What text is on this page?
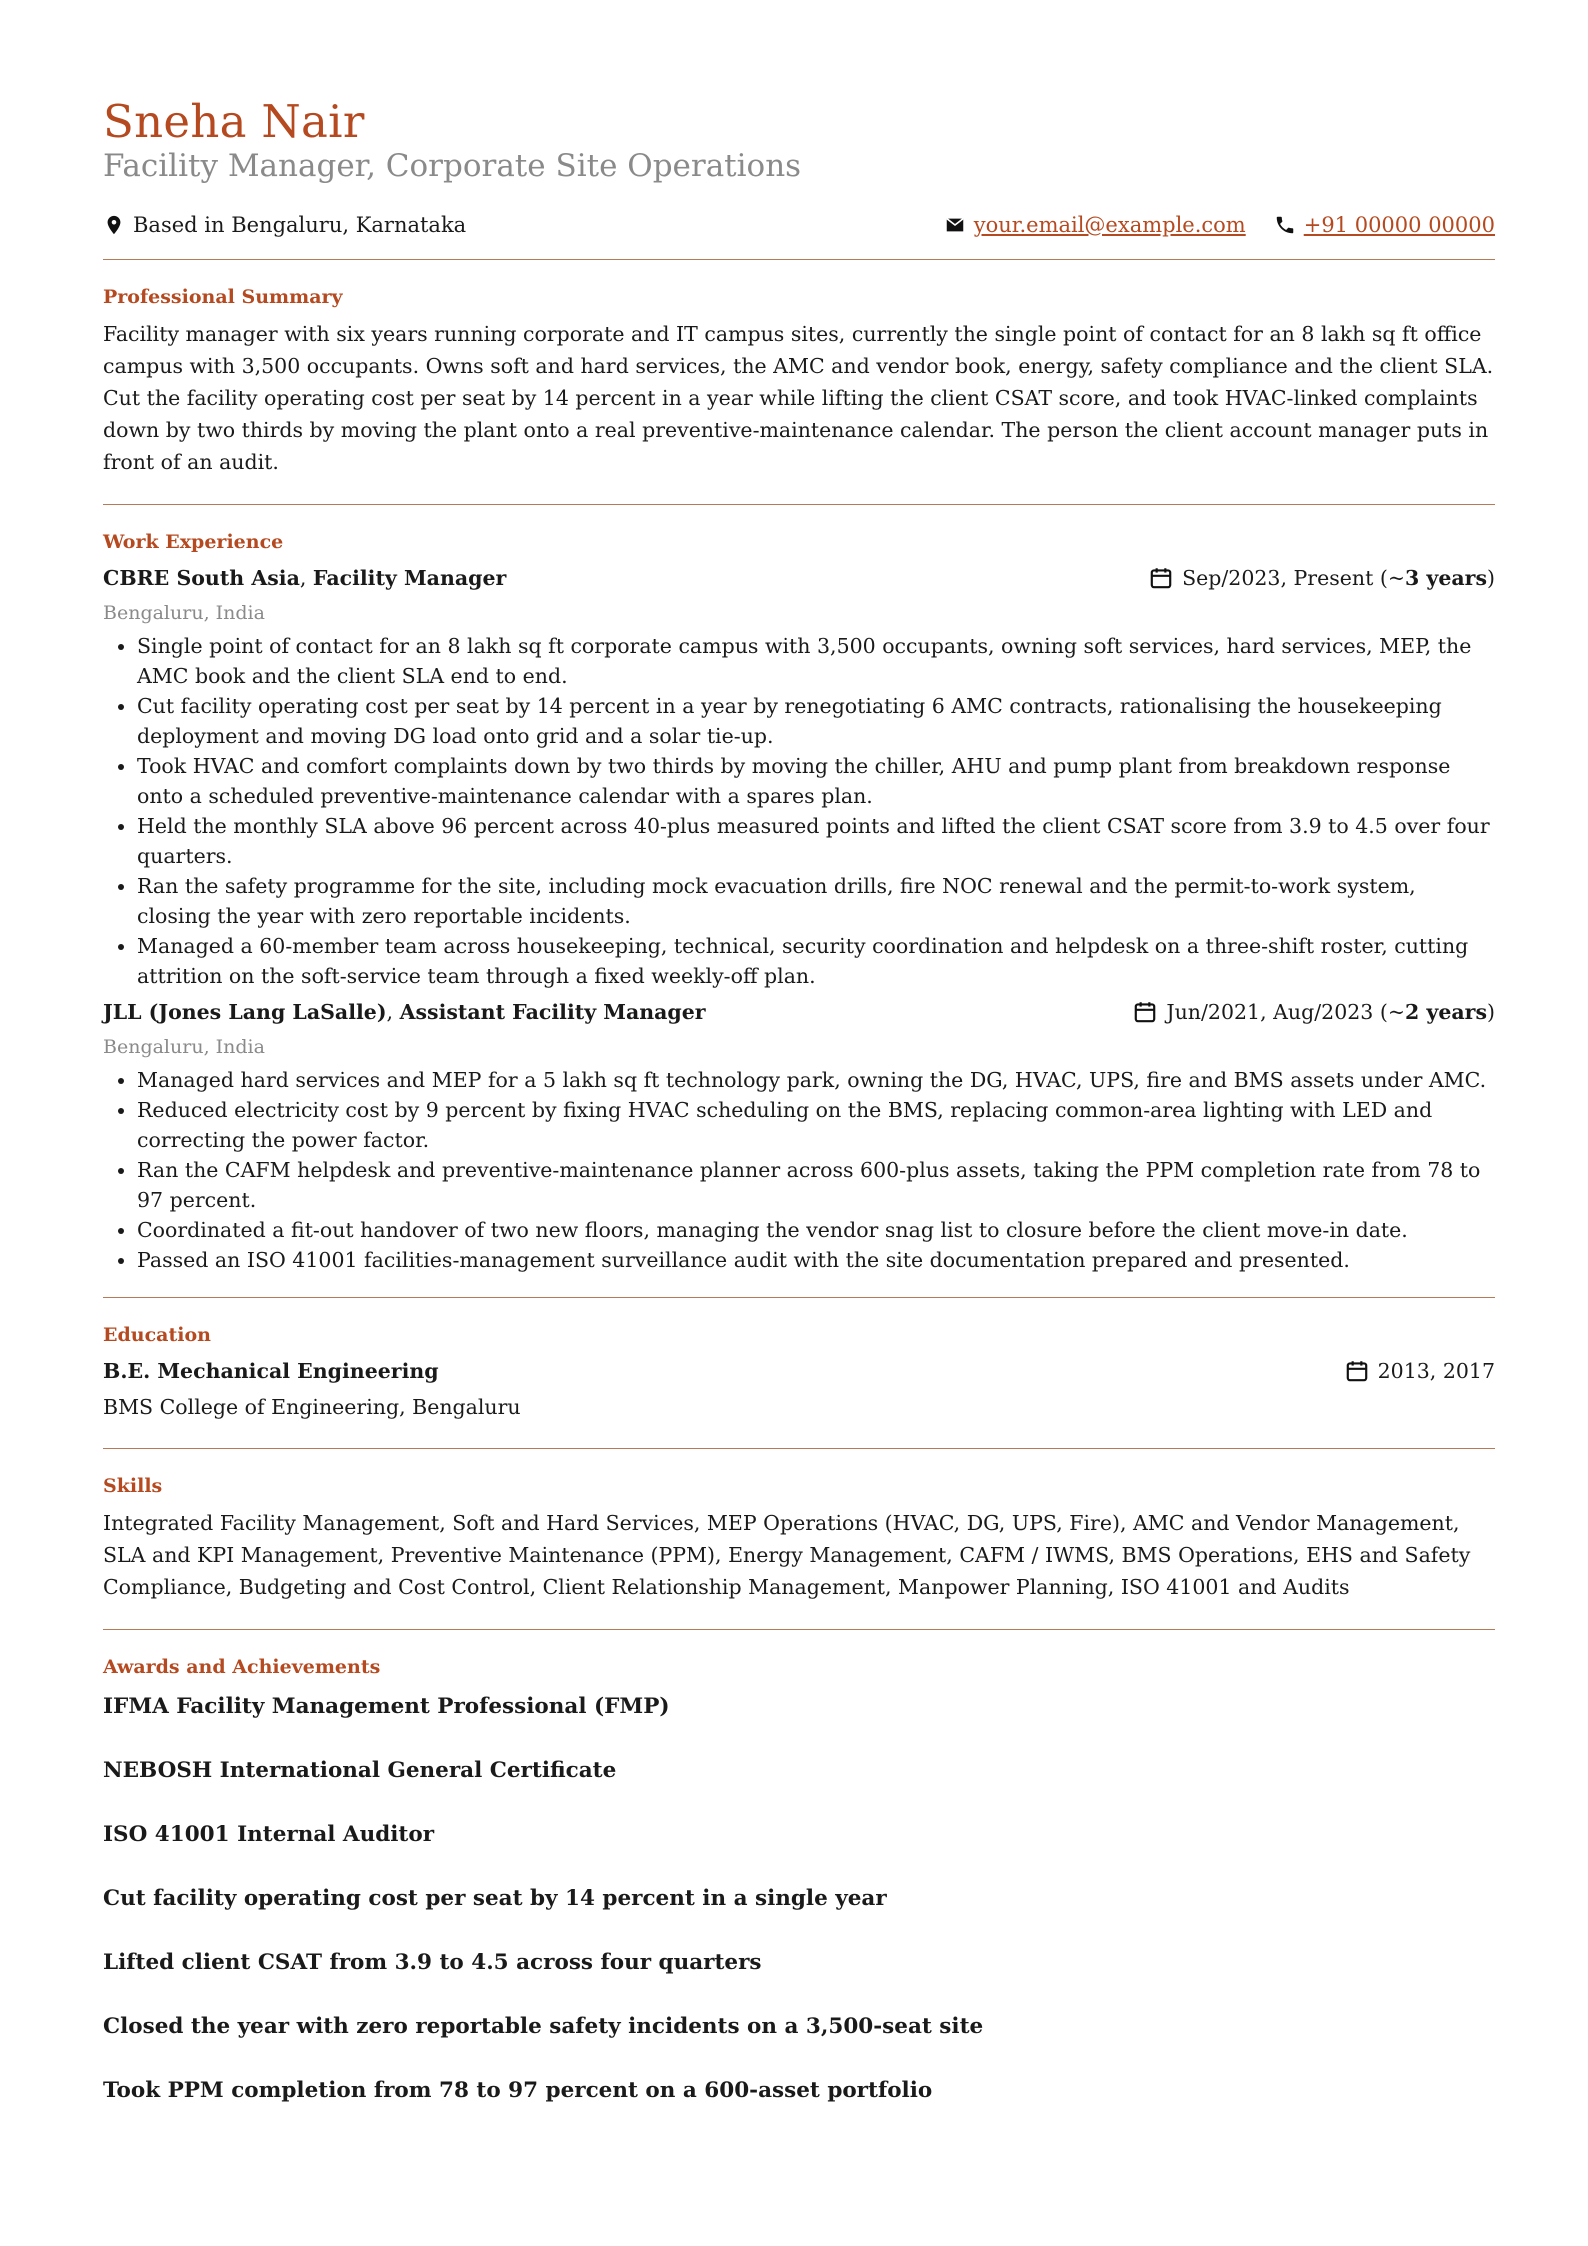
Sneha Nair
Facility Manager, Corporate Site Operations
Based in Bengaluru, Karnataka	your.email@example.com	+91 00000 00000
Professional Summary

Facility manager with six years running corporate and IT campus sites, currently the single point of contact for an 8 lakh sq ft office campus with 3,500 occupants. Owns soft and hard services, the AMC and vendor book, energy, safety compliance and the client SLA. Cut the facility operating cost per seat by 14 percent in a year while lifting the client CSAT score, and took HVAC-linked complaints down by two thirds by moving the plant onto a real preventive-maintenance calendar. The person the client account manager puts in front of an audit.

Work Experience
CBRE South Asia, Facility Manager	Sep/2023, Present (~ 3 years )
Bengaluru, India
• Single point of contact for an 8 lakh sq ft corporate campus with 3,500 occupants, owning soft services, hard services, MEP, the AMC book and the client SLA end to end.
• Cut facility operating cost per seat by 14 percent in a year by renegotiating 6 AMC contracts, rationalising the housekeeping deployment and moving DG load onto grid and a solar tie-up.
• Took HVAC and comfort complaints down by two thirds by moving the chiller, AHU and pump plant from breakdown response onto a scheduled preventive-maintenance calendar with a spares plan.
• Held the monthly SLA above 96 percent across 40-plus measured points and lifted the client CSAT score from 3.9 to 4.5 over four quarters.
• Ran the safety programme for the site, including mock evacuation drills, fire NOC renewal and the permit-to-work system, closing the year with zero reportable incidents.
• Managed a 60-member team across housekeeping, technical, security coordination and helpdesk on a three-shift roster, cutting attrition on the soft-service team through a fixed weekly-off plan.
JLL (Jones Lang LaSalle), Assistant Facility Manager	Jun/2021, Aug/2023 (~ 2 years )
Bengaluru, India
• Managed hard services and MEP for a 5 lakh sq ft technology park, owning the DG, HVAC, UPS, fire and BMS assets under AMC.
• Reduced electricity cost by 9 percent by fixing HVAC scheduling on the BMS, replacing common-area lighting with LED and correcting the power factor.
• Ran the CAFM helpdesk and preventive-maintenance planner across 600-plus assets, taking the PPM completion rate from 78 to 97 percent.
• Coordinated a fit-out handover of two new floors, managing the vendor snag list to closure before the client move-in date.
• Passed an ISO 41001 facilities-management surveillance audit with the site documentation prepared and presented.
Education
B.E. Mechanical Engineering	2013, 2017
BMS College of Engineering, Bengaluru
Skills

Integrated Facility Management, Soft and Hard Services, MEP Operations (HVAC, DG, UPS, Fire), AMC and Vendor Management, SLA and KPI Management, Preventive Maintenance (PPM), Energy Management, CAFM / IWMS, BMS Operations, EHS and Safety Compliance, Budgeting and Cost Control, Client Relationship Management, Manpower Planning, ISO 41001 and Audits

Awards and Achievements
IFMA Facility Management Professional (FMP)
NEBOSH International General Certificate
ISO 41001 Internal Auditor
Cut facility operating cost per seat by 14 percent in a single year
Lifted client CSAT from 3.9 to 4.5 across four quarters
Closed the year with zero reportable safety incidents on a 3,500-seat site
Took PPM completion from 78 to 97 percent on a 600-asset portfolio
